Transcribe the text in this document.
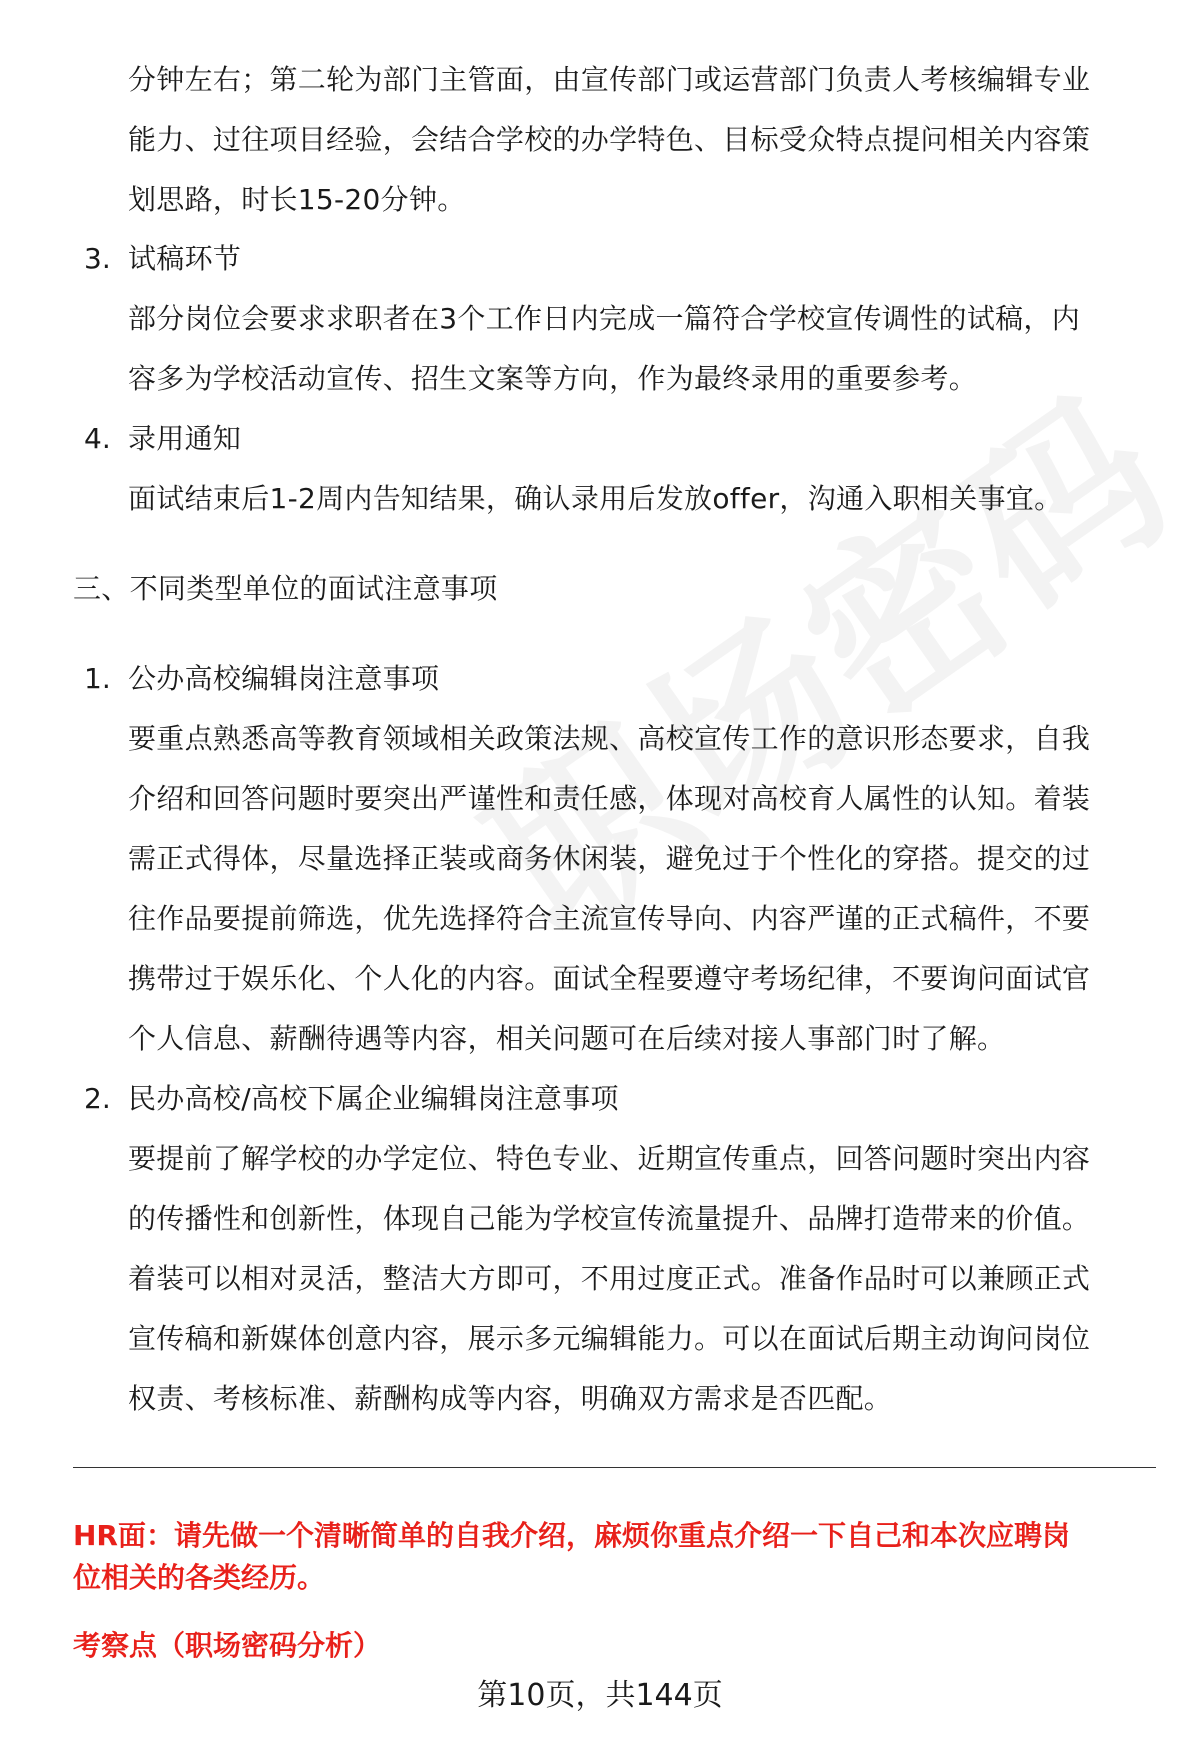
分钟左右；第二轮为部门主管面，由宣传部门或运营部门负责人考核编辑专业
能力、过往项目经验，会结合学校的办学特色、目标受众特点提问相关内容策
划思路，时长15-20分钟。
3. 试稿环节
部分岗位会要求求职者在3个工作日内完成一篇符合学校宣传调性的试稿，内
容多为学校活动宣传、招生文案等方向，作为最终录用的重要参考。
4. 录用通知
面试结束后1-2周内告知结果，确认录用后发放offer，沟通入职相关事宜。
三、不同类型单位的面试注意事项
1. 公办高校编辑岗注意事项
要重点熟悉高等教育领域相关政策法规、高校宣传工作的意识形态要求，自我
介绍和回答问题时要突出严谨性和责任感，体现对高校育人属性的认知。着装
需正式得体，尽量选择正装或商务休闲装，避免过于个性化的穿搭。提交的过
往作品要提前筛选，优先选择符合主流宣传导向、内容严谨的正式稿件，不要
携带过于娱乐化、个人化的内容。面试全程要遵守考场纪律，不要询问面试官
个人信息、薪酬待遇等内容，相关问题可在后续对接人事部门时了解。
2. 民办高校/高校下属企业编辑岗注意事项
要提前了解学校的办学定位、特色专业、近期宣传重点，回答问题时突出内容
的传播性和创新性，体现自己能为学校宣传流量提升、品牌打造带来的价值。
着装可以相对灵活，整洁大方即可，不用过度正式。准备作品时可以兼顾正式
宣传稿和新媒体创意内容，展示多元编辑能力。可以在面试后期主动询问岗位
权责、考核标准、薪酬构成等内容，明确双方需求是否匹配。
HR面：请先做一个清晰简单的自我介绍，麻烦你重点介绍一下自己和本次应聘岗
位相关的各类经历。
考察点（职场密码分析）
第10页，共144页
